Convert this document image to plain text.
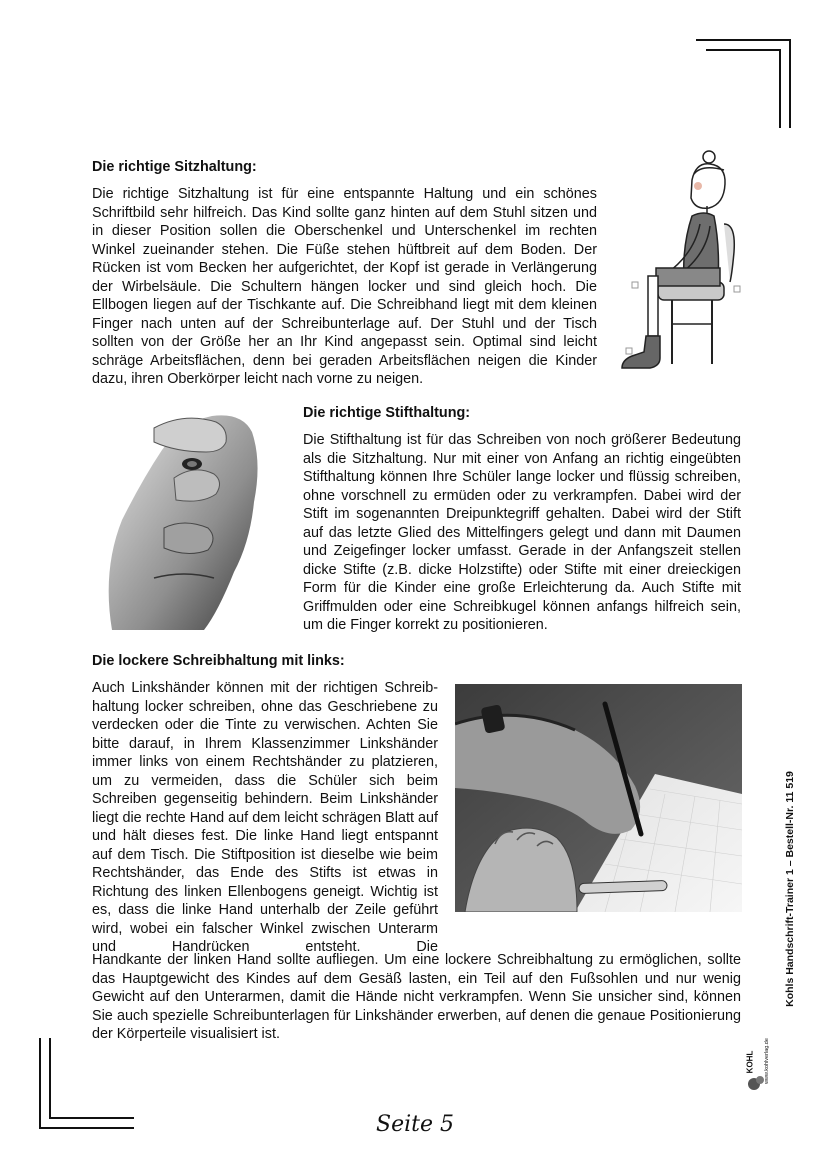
Die richtige Sitzhaltung:

Die richtige Sitzhaltung ist für eine entspannte Haltung und ein schönes Schriftbild sehr hilfreich. Das Kind sollte ganz hinten auf dem Stuhl sitzen und in dieser Position sollen die Oberschenkel und Unterschenkel im rechten Winkel zueinander stehen. Die Füße stehen hüftbreit auf dem Boden. Der Rücken ist vom Becken her aufgerichtet, der Kopf ist gerade in Verlängerung der Wirbelsäule. Die Schultern hängen locker und sind gleich hoch. Die Ellbogen liegen auf der Tischkante auf. Die Schreibhand liegt mit dem kleinen Finger nach unten auf der Schreibunterlage auf. Der Stuhl und der Tisch sollten von der Größe her an Ihr Kind angepasst sein. Optimal sind leicht schräge Arbeitsflächen, denn bei geraden Arbeitsflächen neigen die Kinder dazu, ihren Oberkörper leicht nach vorne zu neigen.

Die richtige Stifthaltung:

Die Stifthaltung ist für das Schreiben von noch größerer Bedeutung als die Sitzhaltung. Nur mit einer von Anfang an richtig eingeübten Stifthaltung können Ihre Schüler lange locker und flüssig schreiben, ohne vorschnell zu ermüden oder zu verkrampfen. Dabei wird der Stift im sogenannten Dreipunktegriff gehalten. Dabei wird der Stift auf das letzte Glied des Mittelfingers gelegt und dann mit Daumen und Zeigefinger locker umfasst. Gerade in der Anfangszeit stellen dicke Stifte (z.B. dicke Holzstifte) oder Stifte mit einer dreieckigen Form für die Kinder eine große Erleichterung da. Auch Stifte mit Griffmulden oder eine Schreibkugel können anfangs hilfreich sein, um die Finger korrekt zu positionieren.

Die lockere Schreibhaltung mit links:

Auch Linkshänder können mit der richtigen Schreibhaltung locker schreiben, ohne das Geschriebene zu verdecken oder die Tinte zu verwischen. Achten Sie bitte darauf, in Ihrem Klassenzimmer Linkshänder immer links von einem Rechtshänder zu platzieren, um zu vermeiden, dass die Schüler sich beim Schreiben gegenseitig behindern. Beim Linkshänder liegt die rechte Hand auf dem leicht schrägen Blatt auf und hält dieses fest. Die linke Hand liegt entspannt auf dem Tisch. Die Stiftposition ist dieselbe wie beim Rechtshänder, das Ende des Stifts ist etwas in Richtung des linken Ellenbogens geneigt. Wichtig ist es, dass die linke Hand unterhalb der Zeile geführt wird, wobei ein falscher Winkel zwischen Unterarm und Handrücken entsteht. Die

Handkante der linken Hand sollte aufliegen. Um eine lockere Schreibhaltung zu ermöglichen, sollte das Hauptgewicht des Kindes auf dem Gesäß lasten, ein Teil auf den Fußsohlen und nur wenig Gewicht auf den Unterarmen, damit die Hände nicht verkrampfen. Wenn Sie unsicher sind, können Sie auch spezielle Schreibunterlagen für Linkshänder erwerben, auf denen die genaue Positionierung der Körperteile visualisiert ist.

Kohls Handschrift-Trainer 1 – Bestell-Nr. 11 519
www.kohlverlag.de
KOHL
Seite 5
